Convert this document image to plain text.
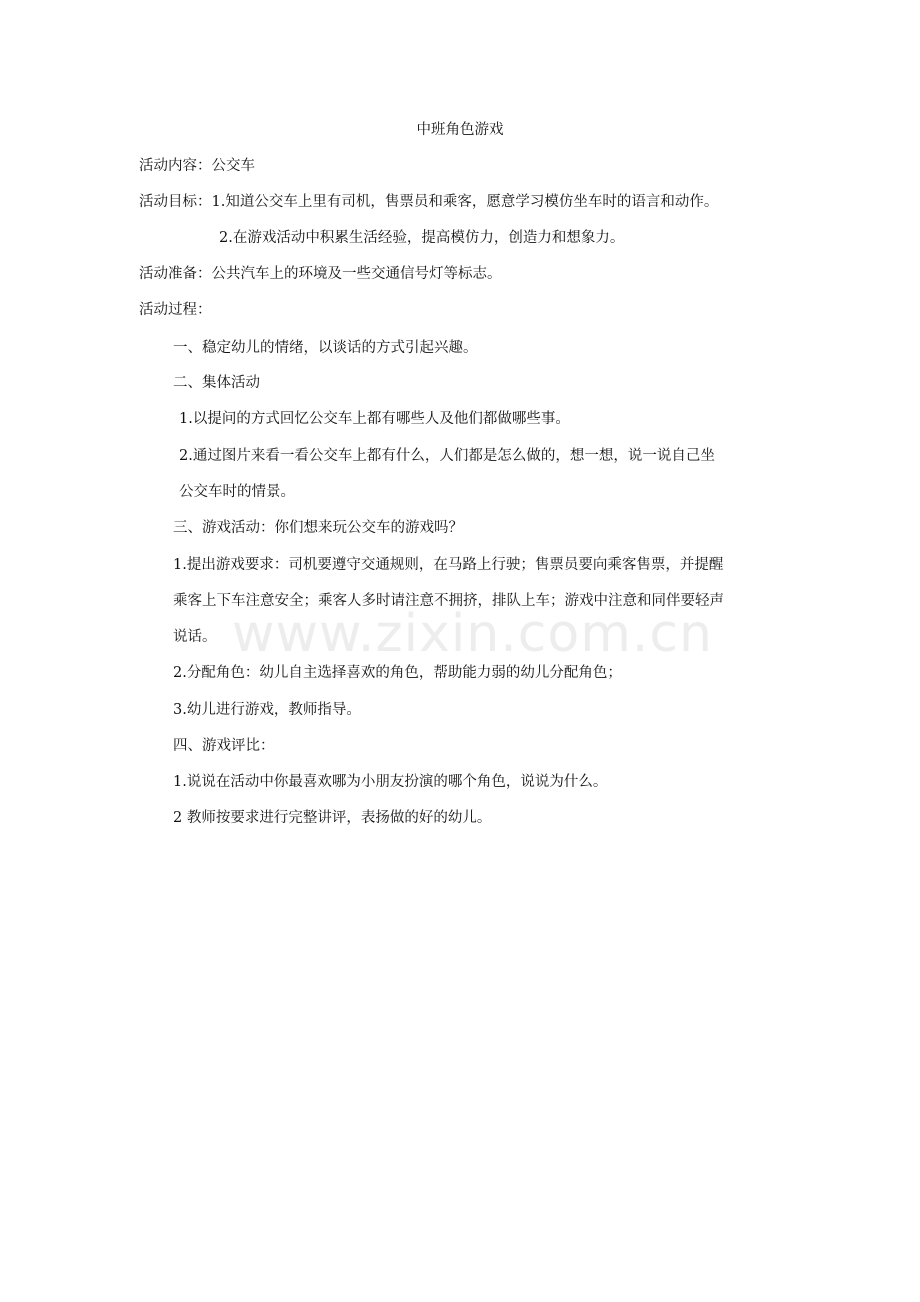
www.zixin.com.cn
中班角色游戏
活动内容：公交车
活动目标：1.知道公交车上里有司机，售票员和乘客，愿意学习模仿坐车时的语言和动作。
2.在游戏活动中积累生活经验，提高模仿力，创造力和想象力。
活动准备：公共汽车上的环境及一些交通信号灯等标志。
活动过程：
一、稳定幼儿的情绪，以谈话的方式引起兴趣。
二、集体活动
1.以提问的方式回忆公交车上都有哪些人及他们都做哪些事。
2.通过图片来看一看公交车上都有什么，人们都是怎么做的，想一想，说一说自己坐
公交车时的情景。
三、游戏活动：你们想来玩公交车的游戏吗？
1.提出游戏要求：司机要遵守交通规则，在马路上行驶；售票员要向乘客售票，并提醒
乘客上下车注意安全；乘客人多时请注意不拥挤，排队上车；游戏中注意和同伴要轻声
说话。
2.分配角色：幼儿自主选择喜欢的角色，帮助能力弱的幼儿分配角色；
3.幼儿进行游戏，教师指导。
四、游戏评比：
1.说说在活动中你最喜欢哪为小朋友扮演的哪个角色，说说为什么。
2 教师按要求进行完整讲评，表扬做的好的幼儿。
